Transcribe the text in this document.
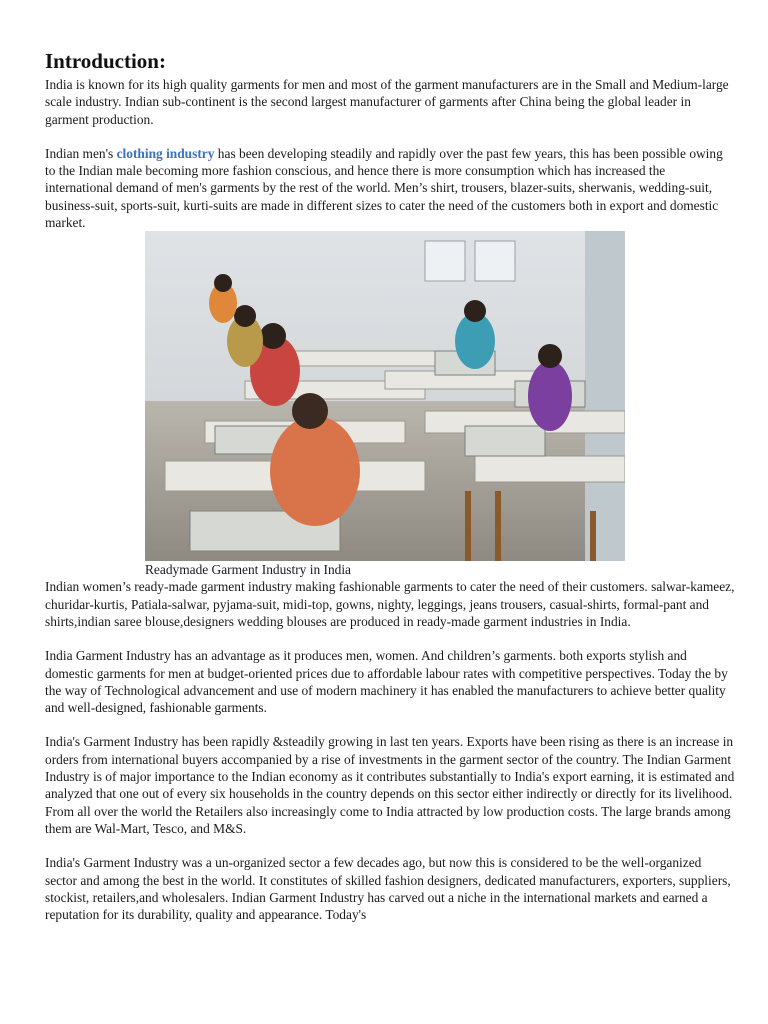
Introduction:

India is known for its high quality garments for men and most of the garment manufacturers are in the Small and Medium-large scale industry. Indian sub-continent is the second largest manufacturer of garments after China being the global leader in garment production.

Indian men's clothing industry has been developing steadily and rapidly over the past few years, this has been possible owing to the Indian male becoming more fashion conscious, and hence there is more consumption which has increased the international demand of men's garments by the rest of the world. Men’s shirt, trousers, blazer-suits, sherwanis, wedding-suit, business-suit, sports-suit, kurti-suits are made in different sizes to cater the need of the customers both in export and domestic market.

Readymade Garment Industry in India

Indian women’s ready-made garment industry making fashionable garments to cater the need of their customers. salwar-kameez, churidar-kurtis, Patiala-salwar, pyjama-suit, midi-top, gowns, nighty, leggings, jeans trousers, casual-shirts, formal-pant and shirts,indian saree blouse,designers wedding blouses are produced in ready-made garment industries in India.

India Garment Industry has an advantage as it produces men, women. And children’s garments. both exports stylish and domestic garments for men at budget-oriented prices due to affordable labour rates with competitive perspectives. Today the by the way of Technological advancement and use of modern machinery it has enabled the manufacturers to achieve better quality and well-designed, fashionable garments.

India's Garment Industry has been rapidly &steadily growing in last ten years. Exports have been rising as there is an increase in orders from international buyers accompanied by a rise of investments in the garment sector of the country. The Indian Garment Industry is of major importance to the Indian economy as it contributes substantially to India's export earning, it is estimated and analyzed that one out of every six households in the country depends on this sector either indirectly or directly for its livelihood. From all over the world the Retailers also increasingly come to India attracted by low production costs. The large brands among them are Wal-Mart, Tesco, and M&S.

India's Garment Industry was a un-organized sector a few decades ago, but now this is considered to be the well-organized sector and among the best in the world. It constitutes of skilled fashion designers, dedicated manufacturers, exporters, suppliers, stockist, retailers,and wholesalers. Indian Garment Industry has carved out a niche in the international markets and earned a reputation for its durability, quality and appearance. Today's
